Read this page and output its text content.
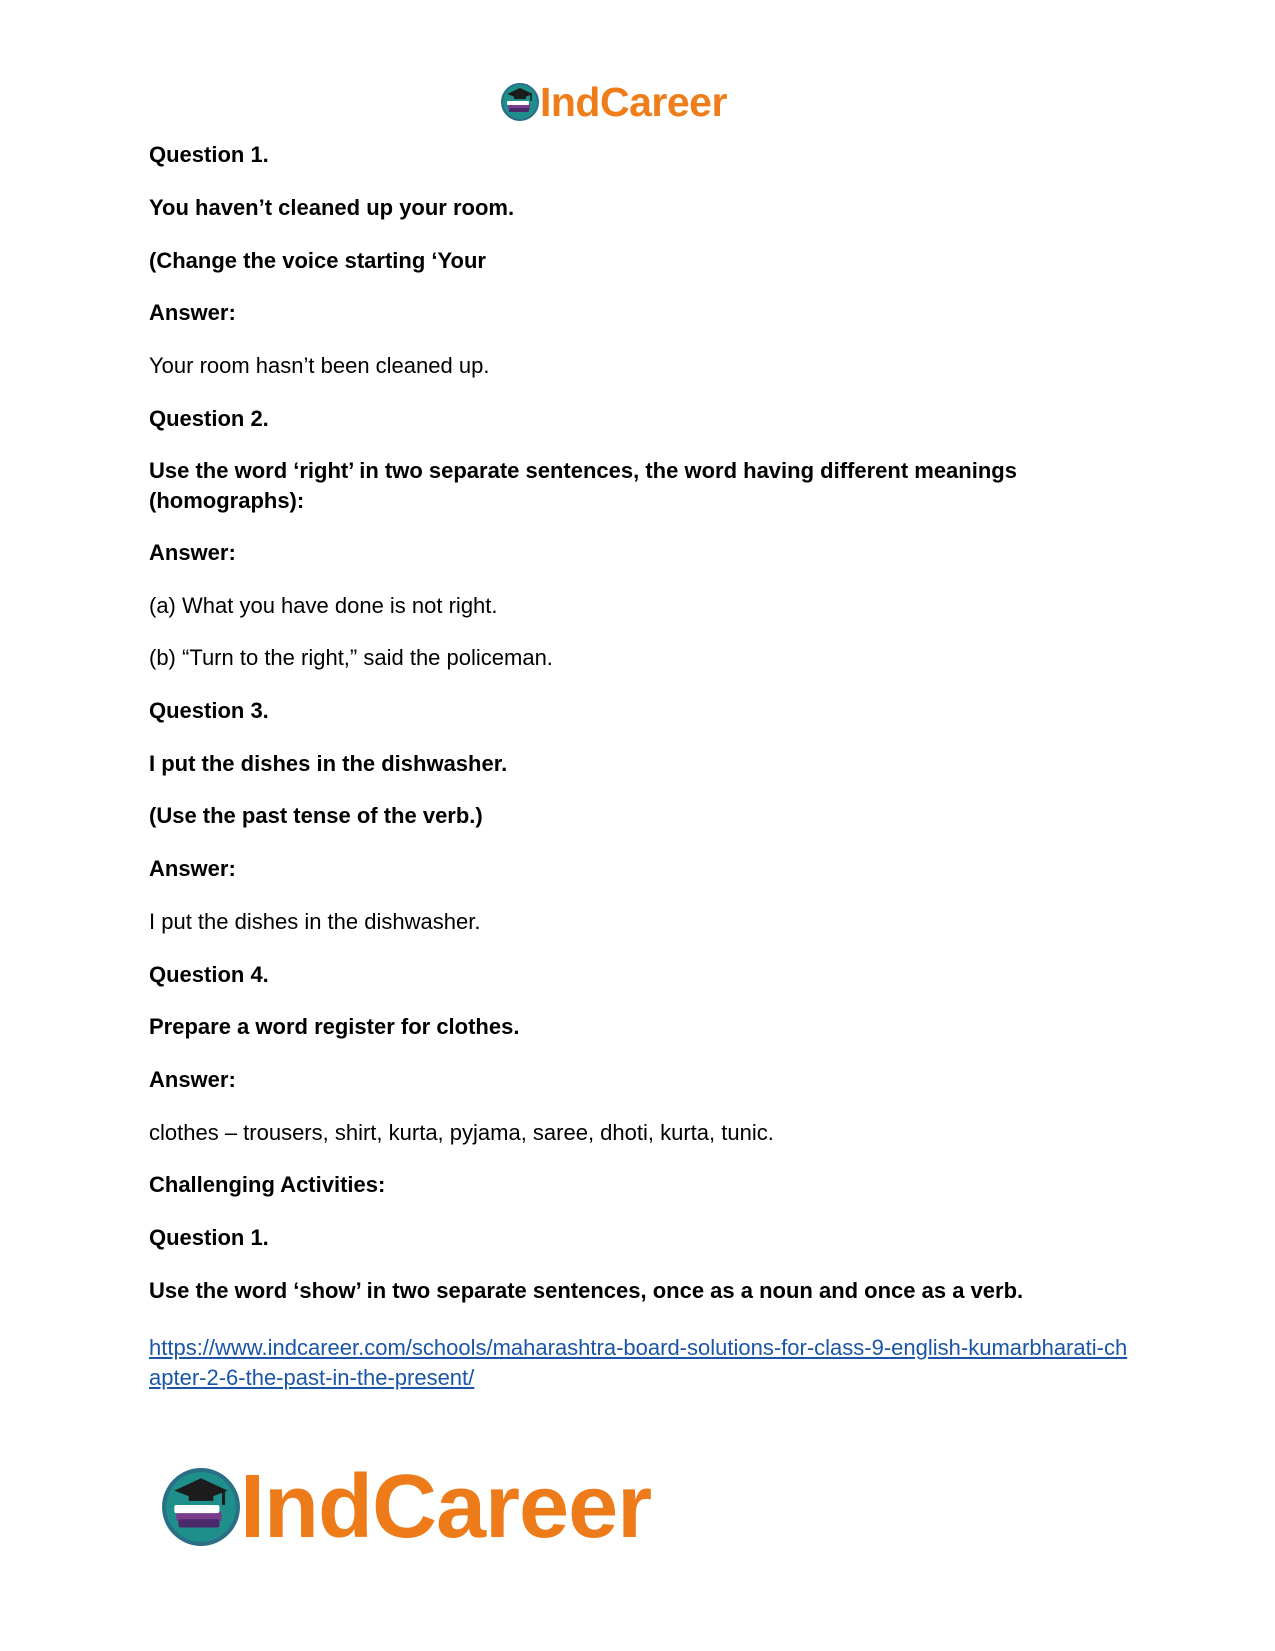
IndCareer
Question 1.
You haven’t cleaned up your room.
(Change the voice starting ‘Your
Answer:
Your room hasn’t been cleaned up.
Question 2.
Use the word ‘right’ in two separate sentences, the word having different meanings (homographs):
Answer:
(a) What you have done is not right.
(b) “Turn to the right,” said the policeman.
Question 3.
I put the dishes in the dishwasher.
(Use the past tense of the verb.)
Answer:
I put the dishes in the dishwasher.
Question 4.
Prepare a word register for clothes.
Answer:
clothes – trousers, shirt, kurta, pyjama, saree, dhoti, kurta, tunic.
Challenging Activities:
Question 1.
Use the word ‘show’ in two separate sentences, once as a noun and once as a verb.
https://www.indcareer.com/schools/maharashtra-board-solutions-for-class-9-english-kumarbharati-chapter-2-6-the-past-in-the-present/
IndCareer
